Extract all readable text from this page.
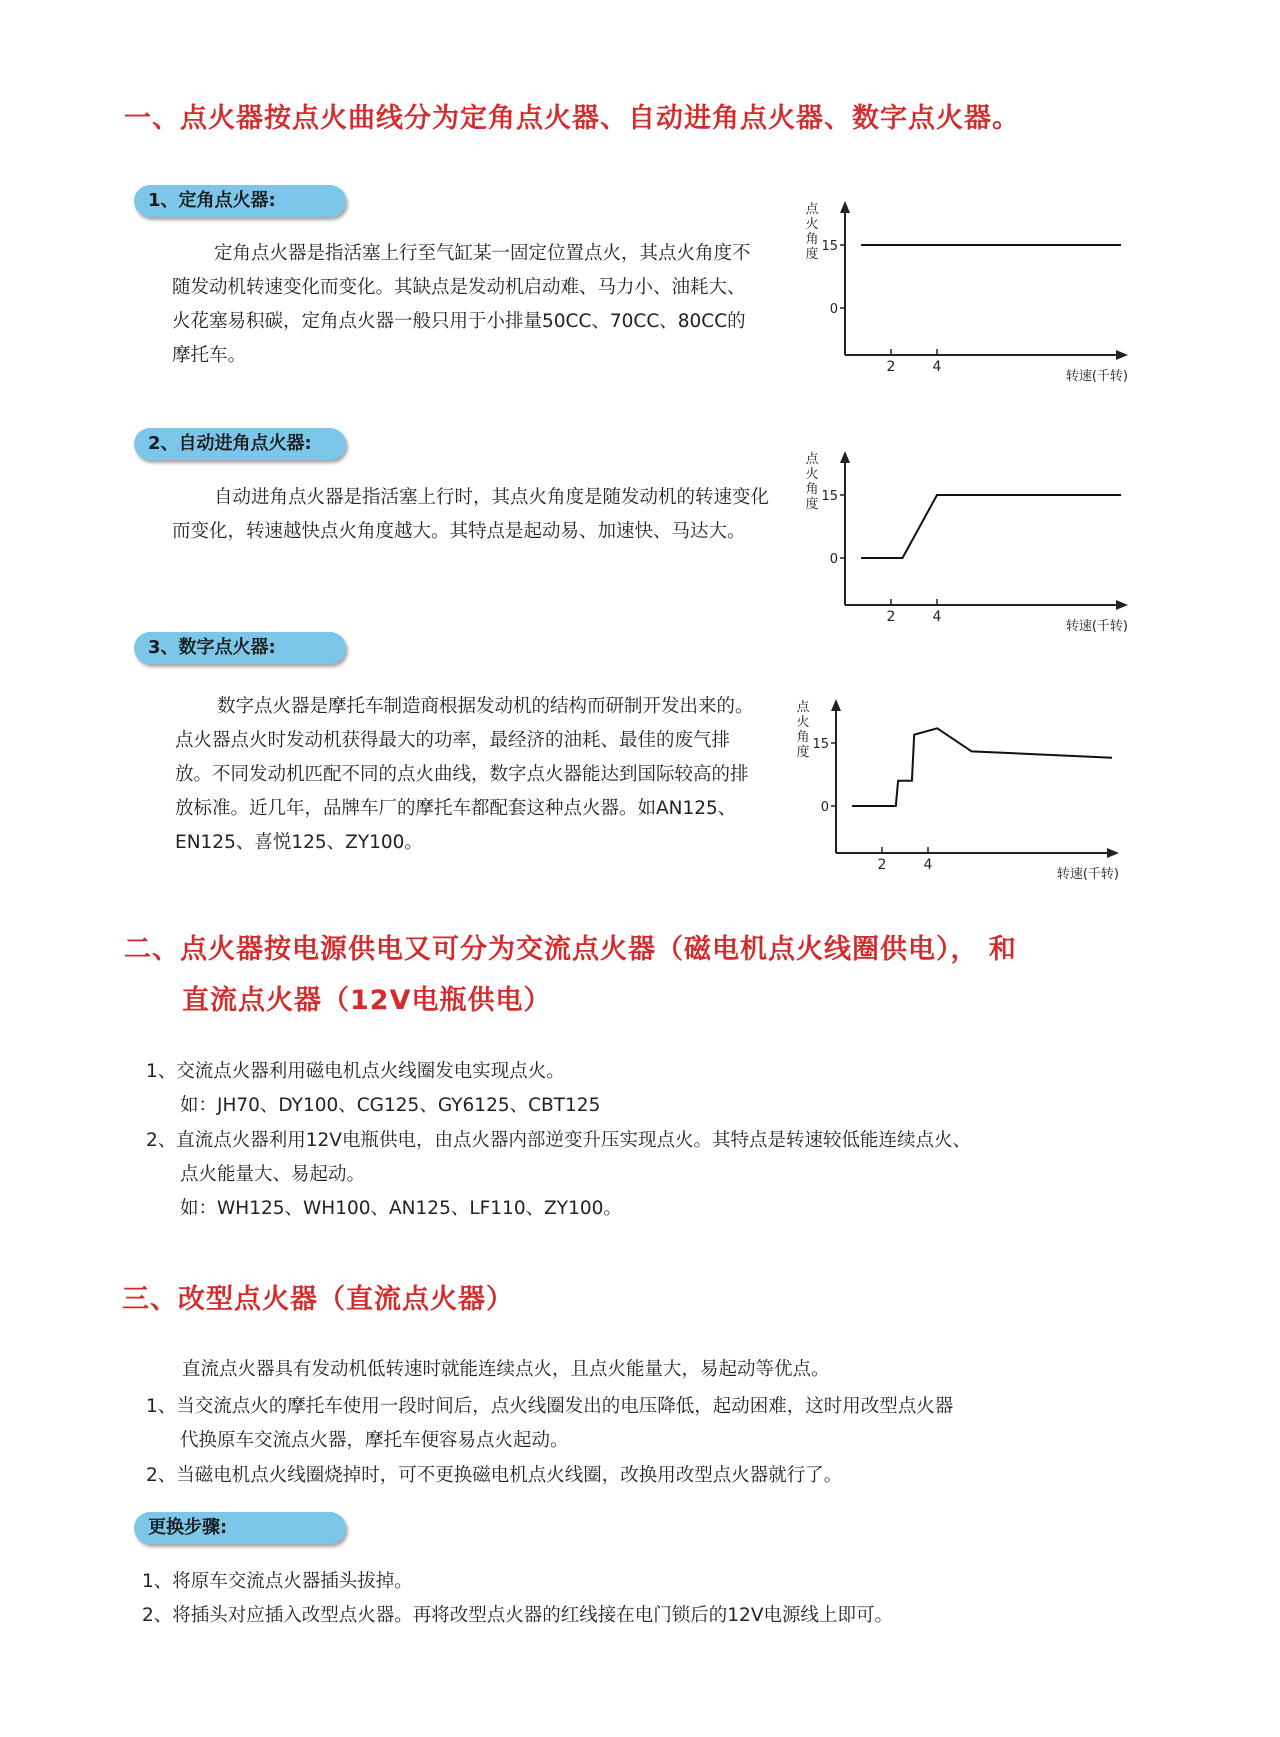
一、点火器按点火曲线分为定角点火器、自动进角点火器、数字点火器。
1、定角点火器:
定角点火器是指活塞上行至气缸某一固定位置点火，其点火角度不随发动机转速变化而变化。其缺点是发动机启动难、马力小、油耗大、火花塞易积碳，定角点火器一般只用于小排量50CC、70CC、80CC的摩托车。
2、自动进角点火器:
自动进角点火器是指活塞上行时，其点火角度是随发动机的转速变化而变化，转速越快点火角度越大。其特点是起动易、加速快、马达大。
3、数字点火器:
数字点火器是摩托车制造商根据发动机的结构而研制开发出来的。点火器点火时发动机获得最大的功率，最经济的油耗、最佳的废气排放。不同发动机匹配不同的点火曲线，数字点火器能达到国际较高的排放标准。近几年，品牌车厂的摩托车都配套这种点火器。如AN125、EN125、喜悦125、ZY100。
点
火
角
度
0
15
2	4
转速(千转)
点
火
角
度
0
15
2	4
转速(千转)
点
火
角
度
0
15
2	4
转速(千转)
二、点火器按电源供电又可分为交流点火器（磁电机点火线圈供电）， 和
直流点火器（12V电瓶供电）
1、交流点火器利用磁电机点火线圈发电实现点火。
如：JH70、DY100、CG125、GY6125、CBT125
2、直流点火器利用12V电瓶供电，由点火器内部逆变升压实现点火。其特点是转速较低能连续点火、
点火能量大、易起动。
如：WH125、WH100、AN125、LF110、ZY100。
三、改型点火器（直流点火器）
直流点火器具有发动机低转速时就能连续点火，且点火能量大，易起动等优点。
1、当交流点火的摩托车使用一段时间后，点火线圈发出的电压降低，起动困难，这时用改型点火器
代换原车交流点火器，摩托车便容易点火起动。
2、当磁电机点火线圈烧掉时，可不更换磁电机点火线圈，改换用改型点火器就行了。
更换步骤:
1、将原车交流点火器插头拔掉。
2、将插头对应插入改型点火器。再将改型点火器的红线接在电门锁后的12V电源线上即可。
